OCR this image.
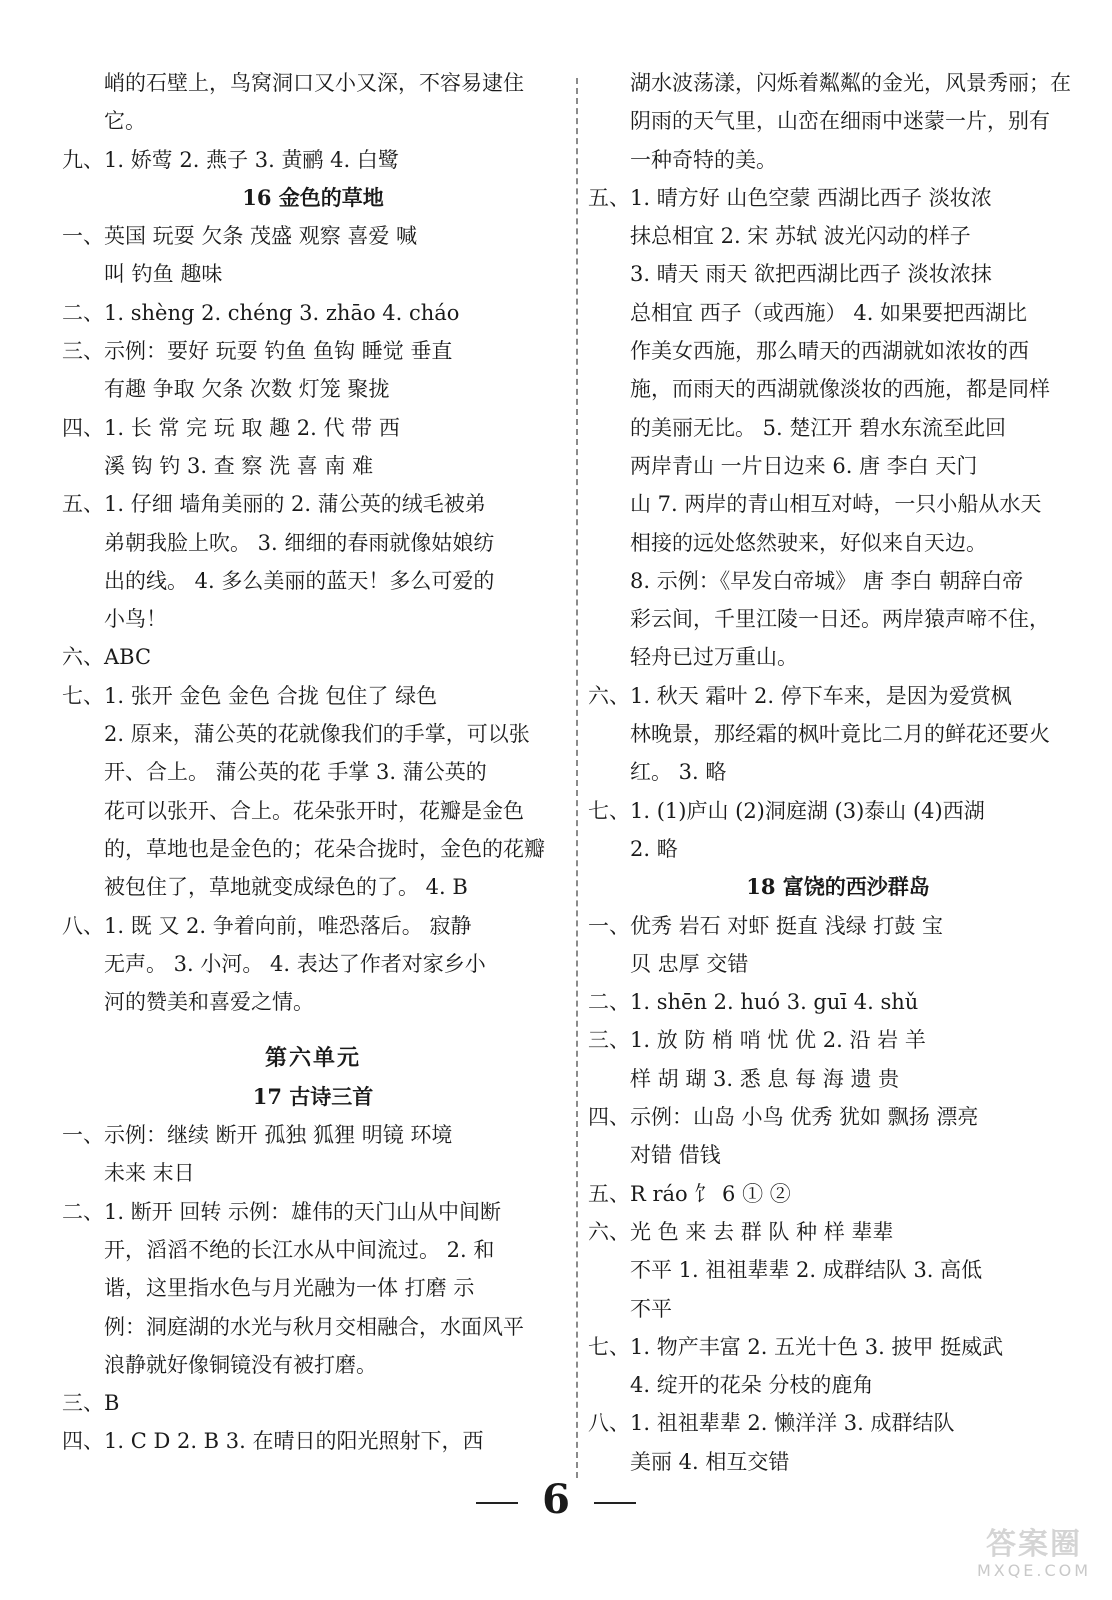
峭的石壁上，鸟窝洞口又小又深，不容易逮住
它。
九、1. 娇莺 2. 燕子 3. 黄鹂 4. 白鹭
16 金色的草地
一、英国 玩耍 欠条 茂盛 观察 喜爱 喊
叫 钓鱼 趣味
二、1. shèng 2. chéng 3. zhāo 4. cháo
三、示例：要好 玩耍 钓鱼 鱼钩 睡觉 垂直
有趣 争取 欠条 次数 灯笼 聚拢
四、1. 长 常 完 玩 取 趣 2. 代 带 西
溪 钩 钓 3. 查 察 洗 喜 南 难
五、1. 仔细 墙角美丽的 2. 蒲公英的绒毛被弟
弟朝我脸上吹。 3. 细细的春雨就像姑娘纺
出的线。 4. 多么美丽的蓝天！多么可爱的
小鸟！
六、ABC
七、1. 张开 金色 金色 合拢 包住了 绿色
2. 原来，蒲公英的花就像我们的手掌，可以张
开、合上。 蒲公英的花 手掌 3. 蒲公英的
花可以张开、合上。花朵张开时，花瓣是金色
的，草地也是金色的；花朵合拢时，金色的花瓣
被包住了，草地就变成绿色的了。 4. B
八、1. 既 又 2. 争着向前，唯恐落后。 寂静
无声。 3. 小河。 4. 表达了作者对家乡小
河的赞美和喜爱之情。
第六单元
17 古诗三首
一、示例：继续 断开 孤独 狐狸 明镜 环境
未来 末日
二、1. 断开 回转 示例：雄伟的天门山从中间断
开，滔滔不绝的长江水从中间流过。 2. 和
谐，这里指水色与月光融为一体 打磨 示
例：洞庭湖的水光与秋月交相融合，水面风平
浪静就好像铜镜没有被打磨。
三、B
四、1. C D 2. B 3. 在晴日的阳光照射下，西
湖水波荡漾，闪烁着粼粼的金光，风景秀丽；在
阴雨的天气里，山峦在细雨中迷蒙一片，别有
一种奇特的美。
五、1. 晴方好 山色空蒙 西湖比西子 淡妆浓
抹总相宜 2. 宋 苏轼 波光闪动的样子
3. 晴天 雨天 欲把西湖比西子 淡妆浓抹
总相宜 西子（或西施） 4. 如果要把西湖比
作美女西施，那么晴天的西湖就如浓妆的西
施，而雨天的西湖就像淡妆的西施，都是同样
的美丽无比。 5. 楚江开 碧水东流至此回
两岸青山 一片日边来 6. 唐 李白 天门
山 7. 两岸的青山相互对峙，一只小船从水天
相接的远处悠然驶来，好似来自天边。
8. 示例：《早发白帝城》 唐 李白 朝辞白帝
彩云间，千里江陵一日还。两岸猿声啼不住，
轻舟已过万重山。
六、1. 秋天 霜叶 2. 停下车来，是因为爱赏枫
林晚景，那经霜的枫叶竟比二月的鲜花还要火
红。 3. 略
七、1. (1)庐山 (2)洞庭湖 (3)泰山 (4)西湖
2. 略
18 富饶的西沙群岛
一、优秀 岩石 对虾 挺直 浅绿 打鼓 宝
贝 忠厚 交错
二、1. shēn 2. huó 3. guī 4. shǔ
三、1. 放 防 梢 哨 忧 优 2. 沿 岩 羊
样 胡 瑚 3. 悉 息 每 海 遗 贵
四、示例：山岛 小鸟 优秀 犹如 飘扬 漂亮
对错 借钱
五、R ráo 饣 6 ① ②
六、光 色 来 去 群 队 种 样 辈辈
不平 1. 祖祖辈辈 2. 成群结队 3. 高低
不平
七、1. 物产丰富 2. 五光十色 3. 披甲 挺威武
4. 绽开的花朵 分枝的鹿角
八、1. 祖祖辈辈 2. 懒洋洋 3. 成群结队
美丽 4. 相互交错
6
答案圈
MXQE.COM
